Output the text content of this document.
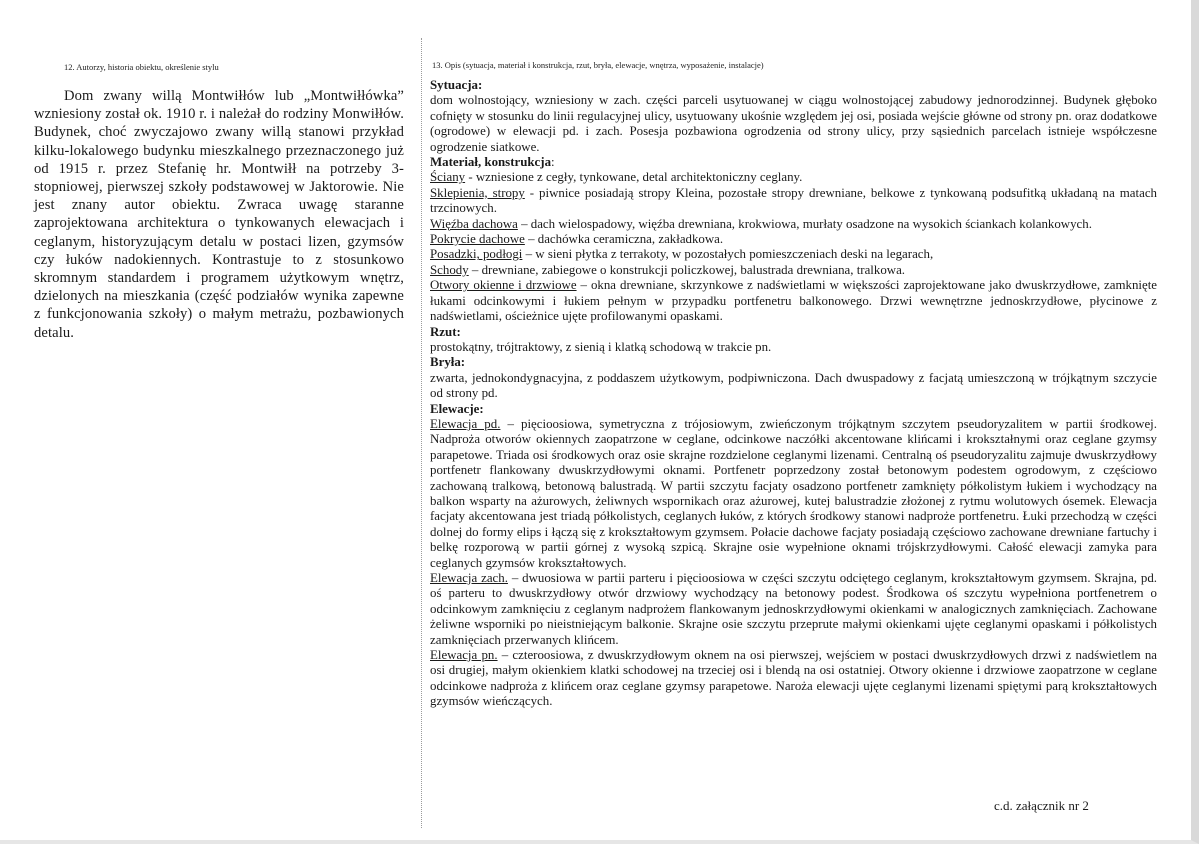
12. Autorzy, historia obiektu, określenie stylu

Dom zwany willą Montwiłłów lub „Montwiłłówka” wzniesiony został ok. 1910 r. i należał do rodziny Monwiłłów. Budynek, choć zwyczajowo zwany willą stanowi przykład kilku-lokalowego budynku mieszkalnego przeznaczonego już od 1915 r. przez Stefanię hr. Montwiłł na potrzeby 3-stopniowej, pierwszej szkoły podstawowej w Jaktorowie. Nie jest znany autor obiektu. Zwraca uwagę staranne zaprojektowana architektura o tynkowanych elewacjach i ceglanym, historyzującym detalu w postaci lizen, gzymsów czy łuków nadokiennych. Kontrastuje to z stosunkowo skromnym standardem i programem użytkowym wnętrz, dzielonych na mieszkania (część podziałów wynika zapewne z funkcjonowania szkoły) o małym metrażu, pozbawionych detalu.

13. Opis (sytuacja, materiał i konstrukcja, rzut, bryła, elewacje, wnętrza, wyposażenie, instalacje)

Sytuacja:

dom wolnostojący, wzniesiony w zach. części parceli usytuowanej w ciągu wolnostojącej zabudowy jednorodzinnej. Budynek głęboko cofnięty w stosunku do linii regulacyjnej ulicy, usytuowany ukośnie względem jej osi, posiada wejście główne od strony pn. oraz dodatkowe (ogrodowe) w elewacji pd. i zach. Posesja pozbawiona ogrodzenia od strony ulicy, przy sąsiednich parcelach istnieje współczesne ogrodzenie siatkowe.

Materiał, konstrukcja:

Ściany - wzniesione z cegły, tynkowane, detal architektoniczny ceglany.

Sklepienia, stropy - piwnice posiadają stropy Kleina, pozostałe stropy drewniane, belkowe z tynkowaną podsufitką układaną na matach trzcinowych.

Więźba dachowa – dach wielospadowy, więźba drewniana, krokwiowa, murłaty osadzone na wysokich ściankach kolankowych.

Pokrycie dachowe – dachówka ceramiczna, zakładkowa.

Posadzki, podłogi – w sieni płytka z terrakoty, w pozostałych pomieszczeniach deski na legarach,

Schody – drewniane, zabiegowe o konstrukcji policzkowej, balustrada drewniana, tralkowa.

Otwory okienne i drzwiowe – okna drewniane, skrzynkowe z nadświetlami w większości zaprojektowane jako dwuskrzydłowe, zamknięte łukami odcinkowymi i łukiem pełnym w przypadku portfenetru balkonowego. Drzwi wewnętrzne jednoskrzydłowe, płycinowe z nadświetlami, ościeżnice ujęte profilowanymi opaskami.

Rzut:

prostokątny, trójtraktowy, z sienią i klatką schodową w trakcie pn.

Bryła:

zwarta, jednokondygnacyjna, z poddaszem użytkowym, podpiwniczona. Dach dwuspadowy z facjatą umieszczoną w trójkątnym szczycie od strony pd.

Elewacje:

Elewacja pd. – pięcioosiowa, symetryczna z trójosiowym, zwieńczonym trójkątnym szczytem pseudoryzalitem w partii środkowej. Nadproża otworów okiennych zaopatrzone w ceglane, odcinkowe naczółki akcentowane klińcami i krokształnymi oraz ceglane gzymsy parapetowe. Triada osi środkowych oraz osie skrajne rozdzielone ceglanymi lizenami. Centralną oś pseudoryzalitu zajmuje dwuskrzydłowy portfenetr flankowany dwuskrzydłowymi oknami. Portfenetr poprzedzony został betonowym podestem ogrodowym, z częściowo zachowaną tralkową, betonową balustradą. W partii szczytu facjaty osadzono portfenetr zamknięty półkolistym łukiem i wychodzący na balkon wsparty na ażurowych, żeliwnych wspornikach oraz ażurowej, kutej balustradzie złożonej z rytmu wolutowych ósemek. Elewacja facjaty akcentowana jest triadą półkolistych, ceglanych łuków, z których środkowy stanowi nadproże portfenetru. Łuki przechodzą w części dolnej do formy elips i łączą się z krokształtowym gzymsem. Połacie dachowe facjaty posiadają częściowo zachowane drewniane fartuchy i belkę rozporową w partii górnej z wysoką szpicą. Skrajne osie wypełnione oknami trójskrzydłowymi. Całość elewacji zamyka para ceglanych gzymsów krokształtowych.

Elewacja zach. – dwuosiowa w partii parteru i pięcioosiowa w części szczytu odciętego ceglanym, krokształtowym gzymsem. Skrajna, pd. oś parteru to dwuskrzydłowy otwór drzwiowy wychodzący na betonowy podest. Środkowa oś szczytu wypełniona portfenetrem o odcinkowym zamknięciu z ceglanym nadprożem flankowanym jednoskrzydłowymi okienkami w analogicznych zamknięciach. Zachowane żeliwne wsporniki po nieistniejącym balkonie. Skrajne osie szczytu przeprute małymi okienkami ujęte ceglanymi opaskami i półkolistych zamknięciach przerwanych klińcem.

Elewacja pn. – czteroosiowa, z dwuskrzydłowym oknem na osi pierwszej, wejściem w postaci dwuskrzydłowych drzwi z nadświetlem na osi drugiej, małym okienkiem klatki schodowej na trzeciej osi i blendą na osi ostatniej. Otwory okienne i drzwiowe zaopatrzone w ceglane odcinkowe nadproża z klińcem oraz ceglane gzymsy parapetowe. Naroża elewacji ujęte ceglanymi lizenami spiętymi parą krokształtowych gzymsów wieńczących.

c.d. załącznik nr 2
